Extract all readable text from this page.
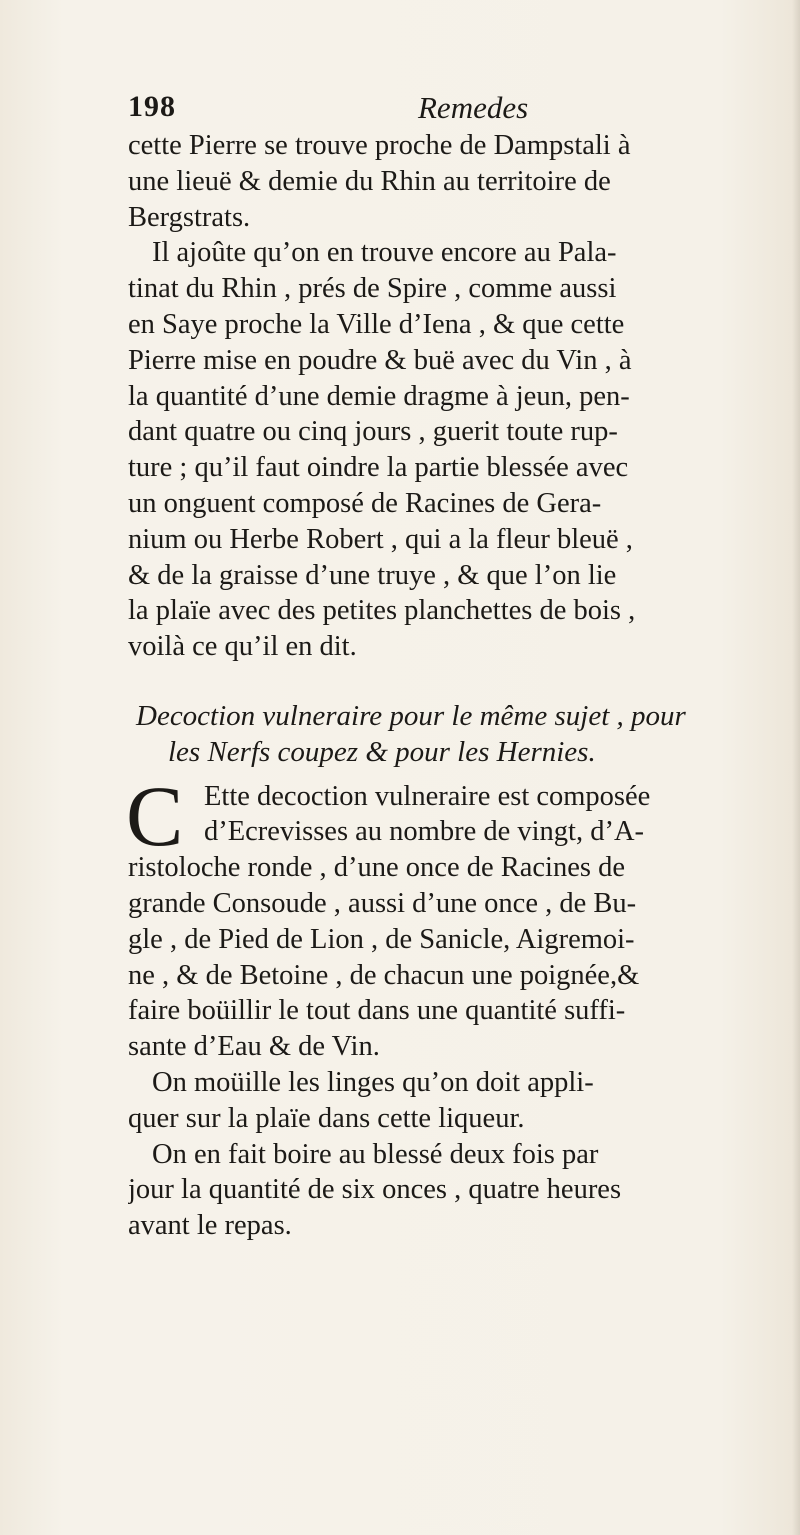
198	Remedes
cette Pierre se trouve proche de Dampstali à
une lieuë & demie du Rhin au territoire de
Bergstrats.
Il ajoûte qu’on en trouve encore au Pala-
tinat du Rhin , prés de Spire , comme aussi
en Saye proche la Ville d’Iena , & que cette
Pierre mise en poudre & buë avec du Vin , à
la quantité d’une demie dragme à jeun, pen-
dant quatre ou cinq jours , guerit toute rup-
ture ; qu’il faut oindre la partie blessée avec
un onguent composé de Racines de Gera-
nium ou Herbe Robert , qui a la fleur bleuë ,
& de la graisse d’une truye , & que l’on lie
la plaïe avec des petites planchettes de bois ,
voilà ce qu’il en dit.
Decoction vulneraire pour le même sujet , pour
les Nerfs coupez & pour les Hernies.
C Ette decoction vulneraire est composée
d’Ecrevisses au nombre de vingt, d’A-
ristoloche ronde , d’une once de Racines de
grande Consoude , aussi d’une once , de Bu-
gle , de Pied de Lion , de Sanicle, Aigremoi-
ne , & de Betoine , de chacun une poignée,&
faire boüillir le tout dans une quantité suffi-
sante d’Eau & de Vin.
On moüille les linges qu’on doit appli-
quer sur la plaïe dans cette liqueur.
On en fait boire au blessé deux fois par
jour la quantité de six onces , quatre heures
avant le repas.
